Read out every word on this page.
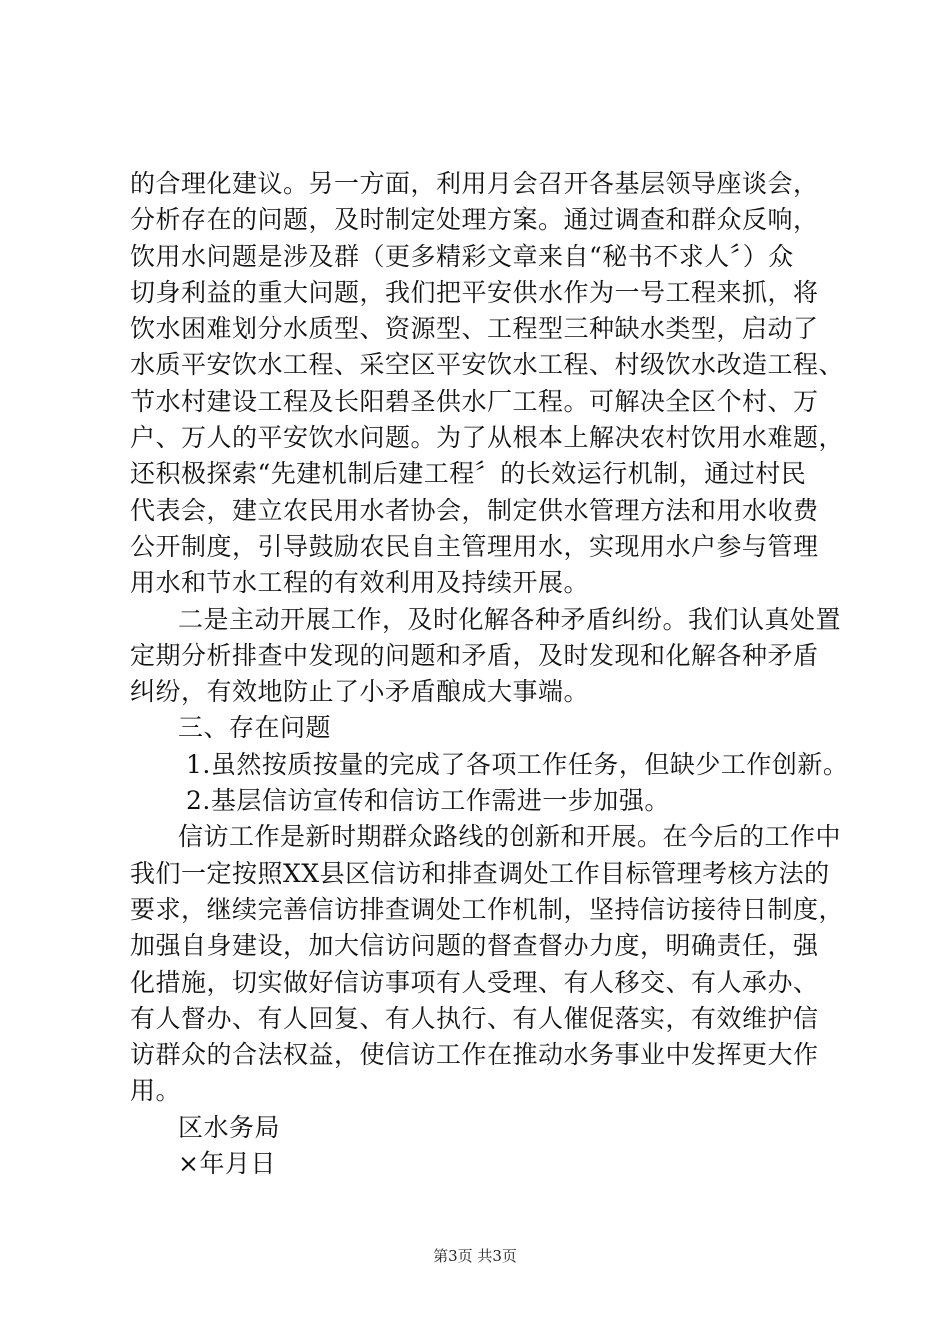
的合理化建议。另一方面，利用月会召开各基层领导座谈会，
分析存在的问题，及时制定处理方案。通过调查和群众反响，
饮用水问题是涉及群（更多精彩文章来自“秘书不求人〞）众
切身利益的重大问题，我们把平安供水作为一号工程来抓，将
饮水困难划分水质型、资源型、工程型三种缺水类型，启动了
水质平安饮水工程、采空区平安饮水工程、村级饮水改造工程、
节水村建设工程及长阳碧圣供水厂工程。可解决全区个村、万
户、万人的平安饮水问题。为了从根本上解决农村饮用水难题，
还积极探索“先建机制后建工程〞的长效运行机制，通过村民
代表会，建立农民用水者协会，制定供水管理方法和用水收费
公开制度，引导鼓励农民自主管理用水，实现用水户参与管理
用水和节水工程的有效利用及持续开展。
二是主动开展工作，及时化解各种矛盾纠纷。我们认真处置
定期分析排查中发现的问题和矛盾，及时发现和化解各种矛盾
纠纷，有效地防止了小矛盾酿成大事端。
三、存在问题
1.虽然按质按量的完成了各项工作任务，但缺少工作创新。
2.基层信访宣传和信访工作需进一步加强。
信访工作是新时期群众路线的创新和开展。在今后的工作中
我们一定按照XX县区信访和排查调处工作目标管理考核方法的
要求，继续完善信访排查调处工作机制，坚持信访接待日制度，
加强自身建设，加大信访问题的督查督办力度，明确责任，强
化措施，切实做好信访事项有人受理、有人移交、有人承办、
有人督办、有人回复、有人执行、有人催促落实，有效维护信
访群众的合法权益，使信访工作在推动水务事业中发挥更大作
用。
区水务局
×年月日
第3页 共3页
